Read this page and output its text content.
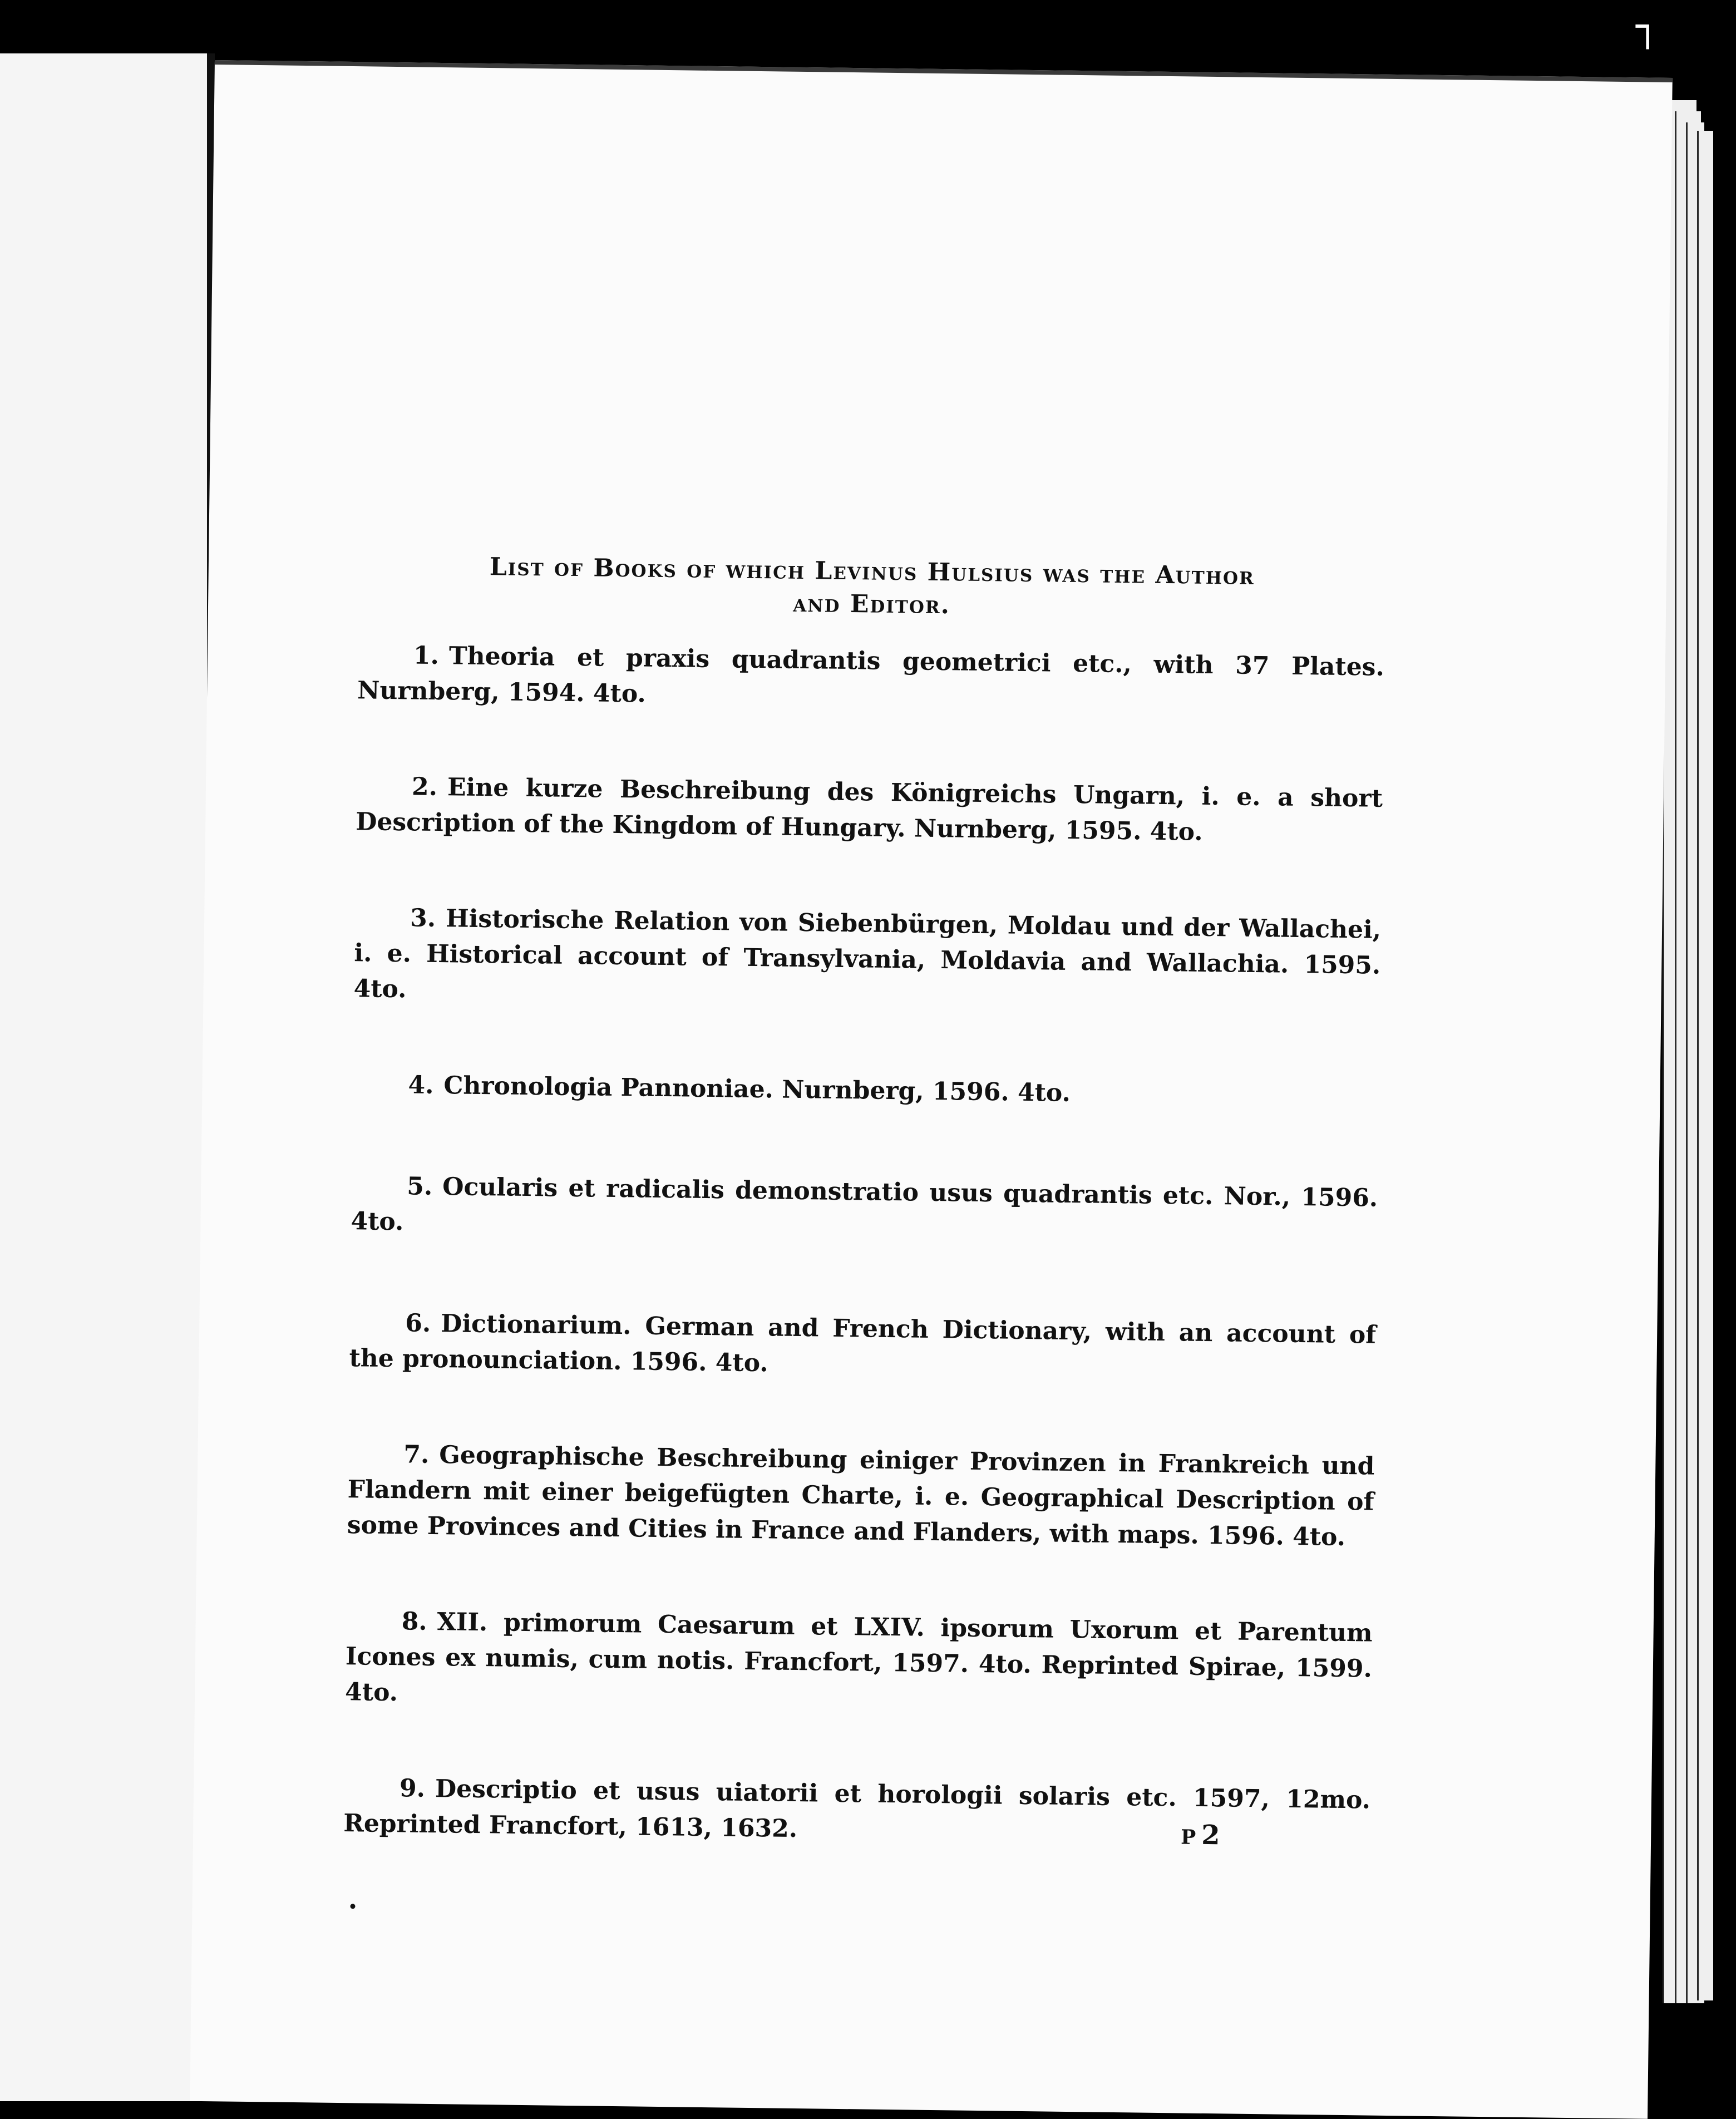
┐
List of Books of which Levinus Hulsius was the Author
and Editor.
1. Theoria et praxis quadrantis geometrici etc., with 37 Plates. Nurnberg, 1594. 4to.
2. Eine kurze Beschreibung des Königreichs Ungarn, i. e. a short Description of the Kingdom of Hungary. Nurnberg, 1595. 4to.
3. Historische Relation von Siebenbürgen, Moldau und der Wallachei, i. e. Historical account of Transylvania, Moldavia and Wallachia. 1595. 4to.
4. Chronologia Pannoniae. Nurnberg, 1596. 4to.
5. Ocularis et radicalis demonstratio usus quadrantis etc. Nor., 1596. 4to.
6. Dictionarium. German and French Dictionary, with an account of the pronounciation. 1596. 4to.
7. Geographische Beschreibung einiger Provinzen in Frankreich und Flandern mit einer beigefügten Charte, i. e. Geographical Description of some Provinces and Cities in France and Flanders, with maps. 1596. 4to.
8. XII. primorum Caesarum et LXIV. ipsorum Uxorum et Parentum Icones ex numis, cum notis. Francfort, 1597. 4to. Reprinted Spirae, 1599. 4to.
9. Descriptio et usus uiatorii et horologii solaris etc. 1597, 12mo. Reprinted Francfort, 1613, 1632.	P 2
